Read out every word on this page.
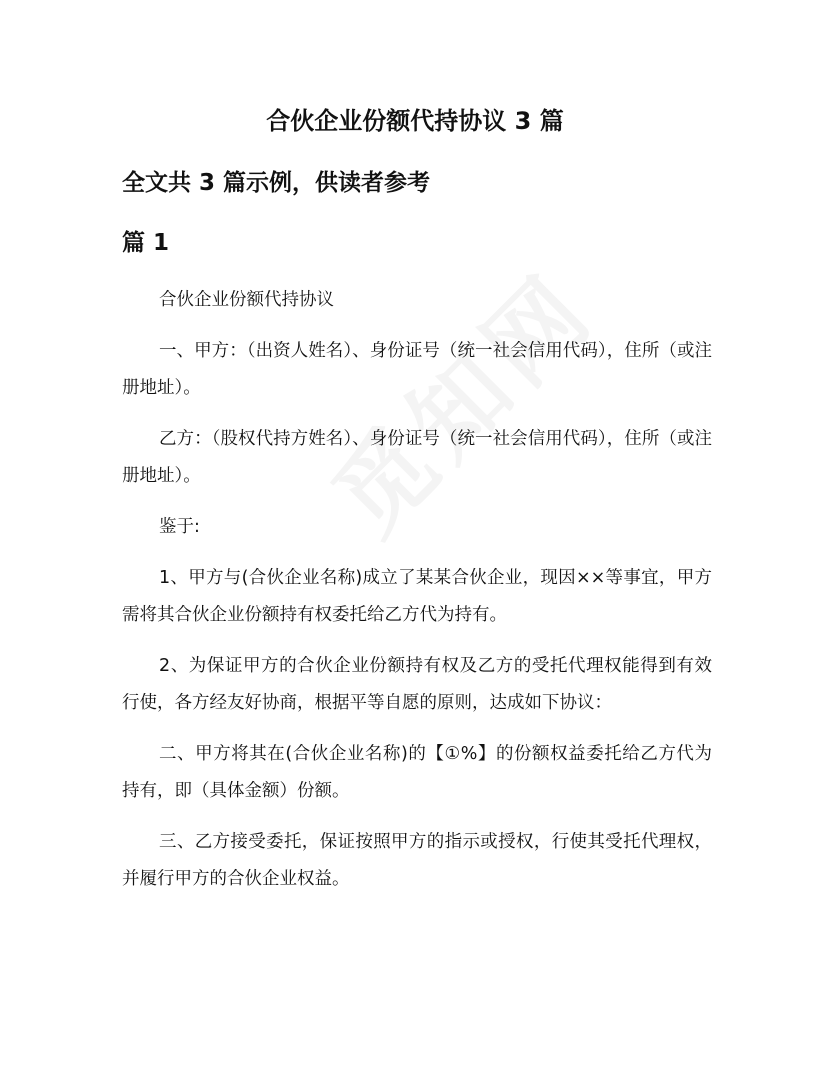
合伙企业份额代持协议 3 篇
全文共 3 篇示例，供读者参考
篇 1

合伙企业份额代持协议

一、甲方：（出资人姓名）、身份证号（统一社会信用代码），住所（或注册地址）。

乙方：（股权代持方姓名）、身份证号（统一社会信用代码），住所（或注册地址）。

鉴于:

1、甲方与(合伙企业名称)成立了某某合伙企业，现因××等事宜，甲方需将其合伙企业份额持有权委托给乙方代为持有。

2、为保证甲方的合伙企业份额持有权及乙方的受托代理权能得到有效行使，各方经友好协商，根据平等自愿的原则，达成如下协议：

二、甲方将其在(合伙企业名称)的【①%】的份额权益委托给乙方代为持有，即（具体金额）份额。

三、乙方接受委托，保证按照甲方的指示或授权，行使其受托代理权，并履行甲方的合伙企业权益。
